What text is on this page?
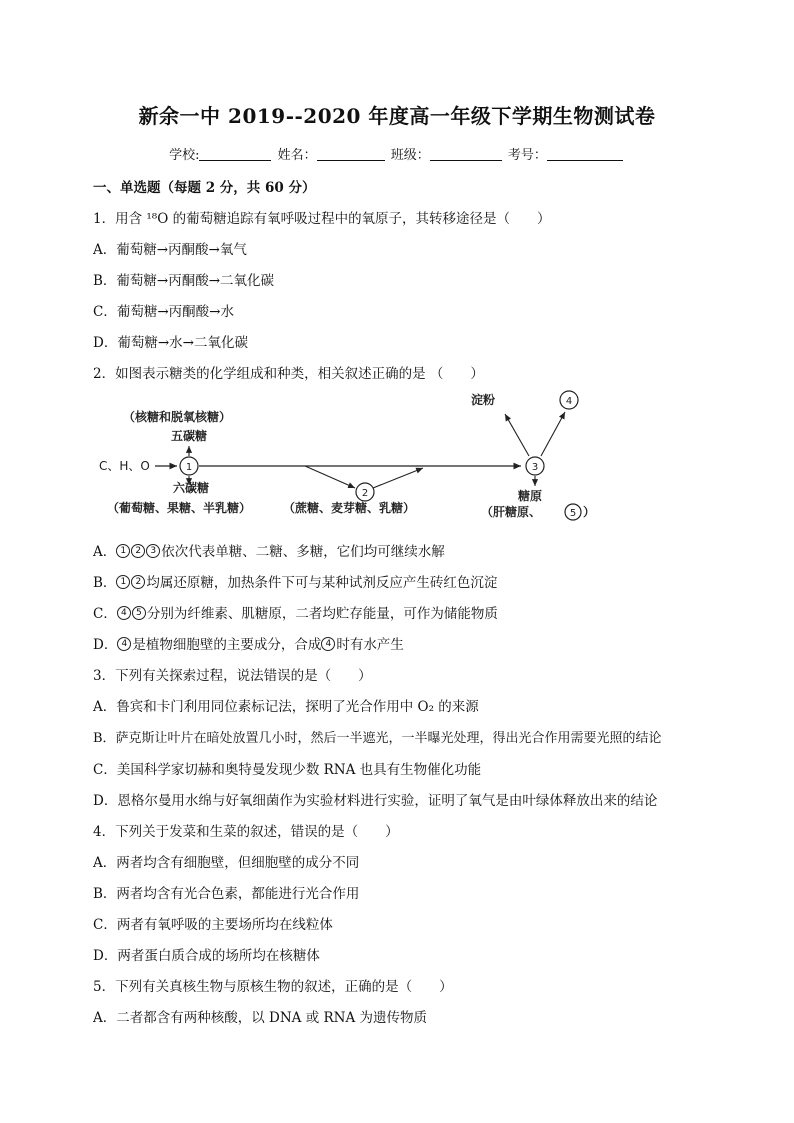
新余一中 2019--2020 年度高一年级下学期生物测试卷
学校:	姓名：	班级：	考号：
一、单选题（每题 2 分，共 60 分）
1．用含 ¹⁸O 的葡萄糖追踪有氧呼吸过程中的氧原子，其转移途径是（　　）
A．葡萄糖→丙酮酸→氧气
B．葡萄糖→丙酮酸→二氧化碳
C．葡萄糖→丙酮酸→水
D．葡萄糖→水→二氧化碳
2．如图表示糖类的化学组成和种类，相关叙述正确的是 （　　）
（核糖和脱氧核糖）
五碳糖
C、H、O	1
2
3
淀粉	4
六碳糖
（葡萄糖、果糖、半乳糖）	（蔗糖、麦芽糖、乳糖）
糖原
（肝糖原、	5 ）
A． 1 2 3 依次代表单糖、二糖、多糖，它们均可继续水解
B． 1 2 均属还原糖，加热条件下可与某种试剂反应产生砖红色沉淀
C． 4 5 分别为纤维素、肌糖原，二者均贮存能量，可作为储能物质
D． 4 是植物细胞壁的主要成分，合成 4 时有水产生
3．下列有关探索过程，说法错误的是（　　）
A．鲁宾和卡门利用同位素标记法，探明了光合作用中 O₂ 的来源
B．萨克斯让叶片在暗处放置几小时，然后一半遮光，一半曝光处理，得出光合作用需要光照的结论
C．美国科学家切赫和奥特曼发现少数 RNA 也具有生物催化功能
D．恩格尔曼用水绵与好氧细菌作为实验材料进行实验，证明了氧气是由叶绿体释放出来的结论
4．下列关于发菜和生菜的叙述，错误的是（　　）
A．两者均含有细胞壁，但细胞壁的成分不同
B．两者均含有光合色素，都能进行光合作用
C．两者有氧呼吸的主要场所均在线粒体
D．两者蛋白质合成的场所均在核糖体
5．下列有关真核生物与原核生物的叙述，正确的是（　　）
A．二者都含有两种核酸，以 DNA 或 RNA 为遗传物质
